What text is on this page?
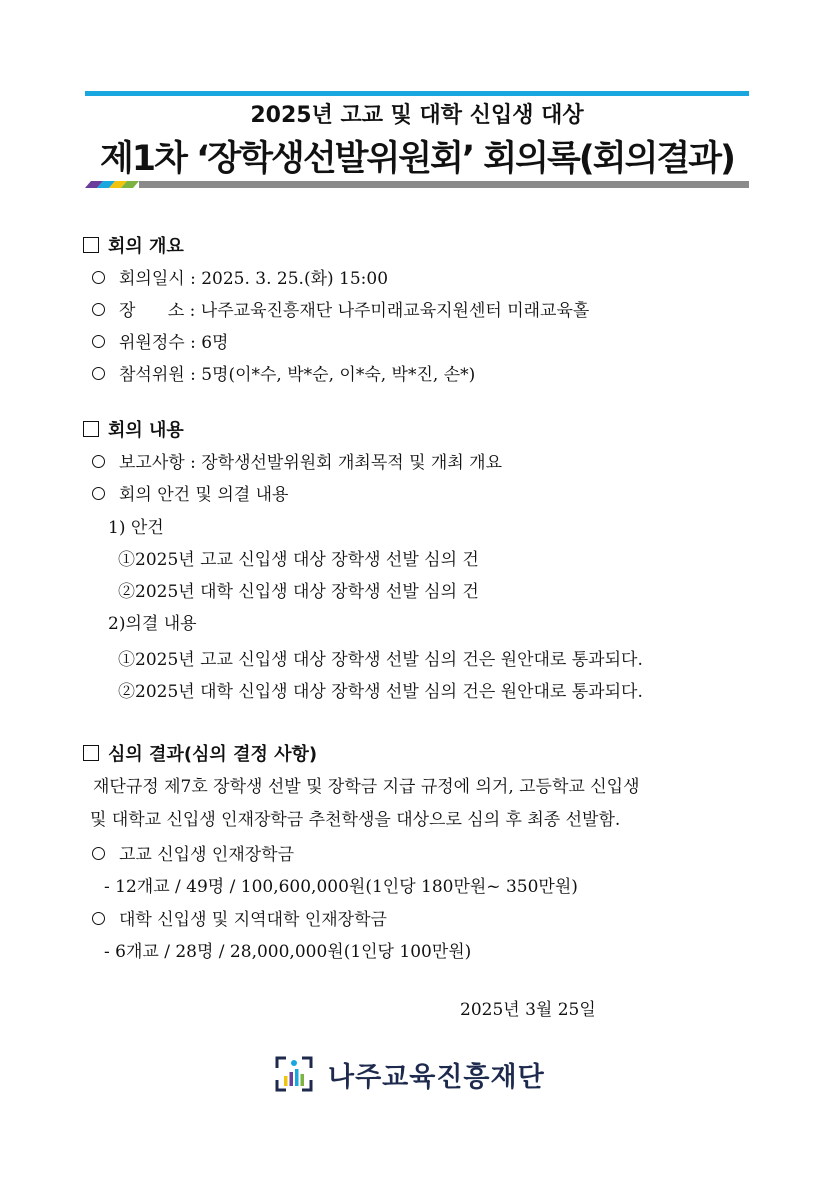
2025년 고교 및 대학 신입생 대상
제1차 ‘장학생선발위원회’ 회의록(회의결과)
회의 개요
회의일시 : 2025. 3. 25.(화) 15:00
장      소 : 나주교육진흥재단 나주미래교육지원센터 미래교육홀
위원정수 : 6명
참석위원 : 5명(이*수, 박*순, 이*숙, 박*진, 손*)
회의 내용
보고사항 : 장학생선발위원회 개최목적 및 개최 개요
회의 안건 및 의결 내용
1) 안건
①2025년 고교 신입생 대상 장학생 선발 심의 건
②2025년 대학 신입생 대상 장학생 선발 심의 건
2)의결 내용
①2025년 고교 신입생 대상 장학생 선발 심의 건은 원안대로 통과되다.
②2025년 대학 신입생 대상 장학생 선발 심의 건은 원안대로 통과되다.
심의 결과(심의 결정 사항)
재단규정 제7호 장학생 선발 및 장학금 지급 규정에 의거, 고등학교 신입생
및 대학교 신입생 인재장학금 추천학생을 대상으로 심의 후 최종 선발함.
고교 신입생 인재장학금
- 12개교 / 49명 / 100,600,000원(1인당 180만원~ 350만원)
대학 신입생 및 지역대학 인재장학금
- 6개교 / 28명 / 28,000,000원(1인당 100만원)
2025년 3월 25일
나주교육진흥재단
